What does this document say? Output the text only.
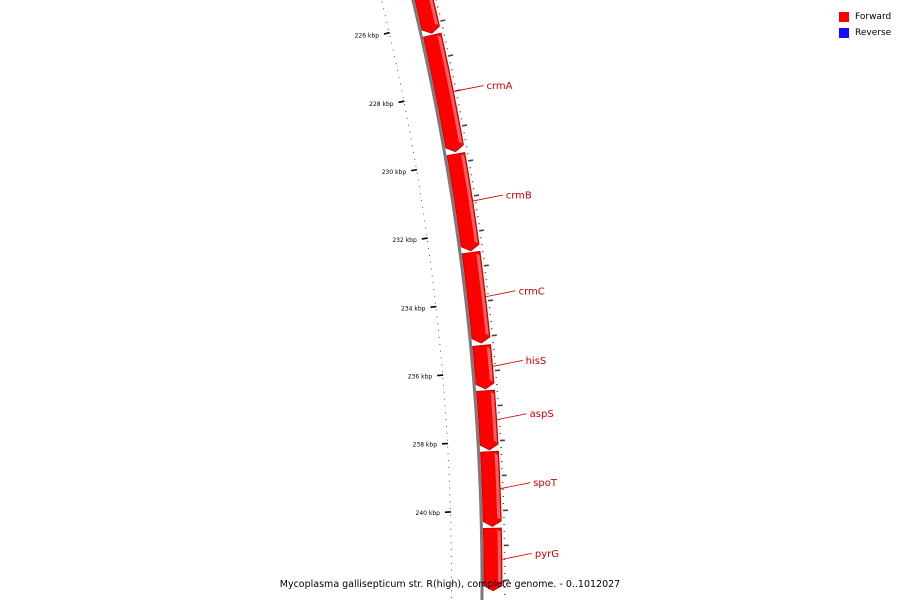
226 kbp
228 kbp
230 kbp
232 kbp
234 kbp
236 kbp
238 kbp
240 kbp
crmA
crmB
crmC
hisS
aspS
spoT
pyrG
Forward
Reverse
Mycoplasma gallisepticum str. R(high), complete genome. - 0..1012027
